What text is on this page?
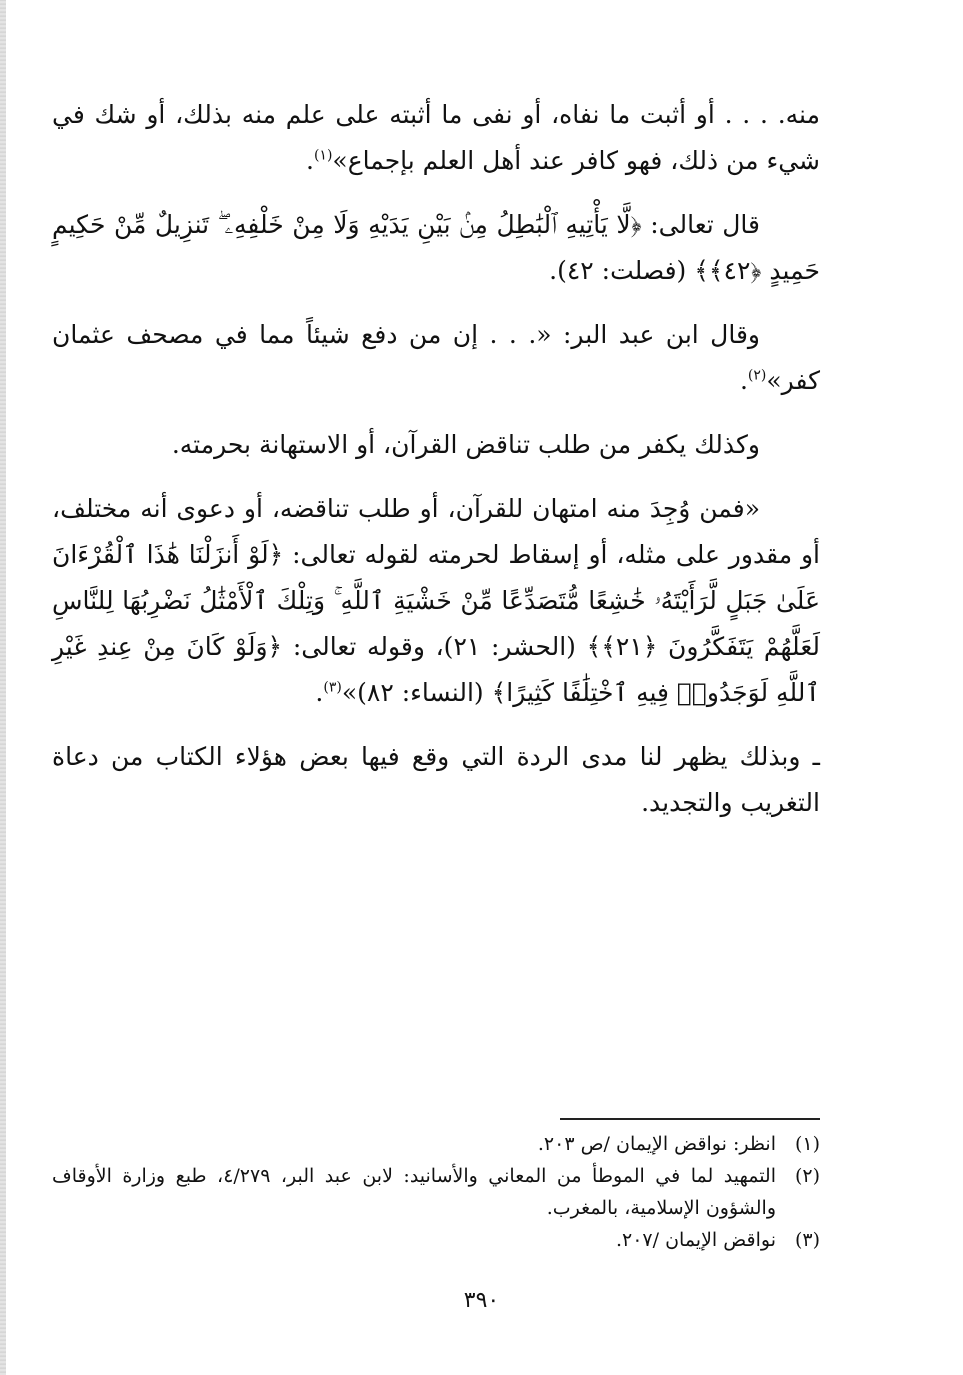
منه. . . . أو أثبت ما نفاه، أو نفى ما أثبته على علم منه بذلك، أو شك في شيء من ذلك، فهو كافر عند أهل العلم بإجماع»$^{(١)}$.

قال تعالى: ﴿لَّا يَأْتِيهِ ٱلْبَٰطِلُ مِنۢ بَيْنِ يَدَيْهِ وَلَا مِنْ خَلْفِهِۦ ۖ تَنزِيلٌ مِّنْ حَكِيمٍ حَمِيدٍ ﴿٤٢﴾﴾ (فصلت: ٤٢).

وقال ابن عبد البر: «. . . إن من دفع شيئاً مما في مصحف عثمان كفر»$^{(٢)}$.

وكذلك يكفر من طلب تناقض القرآن، أو الاستهانة بحرمته.

«فمن وُجِدَ منه امتهان للقرآن، أو طلب تناقضه، أو دعوى أنه مختلف، أو مقدور على مثله، أو إسقاط لحرمته لقوله تعالى: ﴿لَوْ أَنزَلْنَا هَٰذَا ٱلْقُرْءَانَ عَلَىٰ جَبَلٍ لَّرَأَيْتَهُۥ خَٰشِعًا مُّتَصَدِّعًا مِّنْ خَشْيَةِ ٱللَّهِ ۚ وَتِلْكَ ٱلْأَمْثَٰلُ نَضْرِبُهَا لِلنَّاسِ لَعَلَّهُمْ يَتَفَكَّرُونَ ﴿٢١﴾﴾ (الحشر: ٢١)، وقوله تعالى: ﴿وَلَوْ كَانَ مِنْ عِندِ غَيْرِ ٱللَّهِ لَوَجَدُوا۟ فِيهِ ٱخْتِلَٰفًا كَثِيرًا﴾ (النساء: ٨٢)»$^{(٣)}$.

ـ وبذلك يظهر لنا مدى الردة التي وقع فيها بعض هؤلاء الكتاب من دعاة التغريب والتجديد.

(١)
انظر: نواقض الإيمان /ص ٢٠٣.
(٢)
التمهيد لما في الموطأ من المعاني والأسانيد: لابن عبد البر، ٤/٢٧٩، طبع وزارة الأوقاف والشؤون الإسلامية، بالمغرب.
(٣)
نواقض الإيمان /٢٠٧.
٣٩٠
